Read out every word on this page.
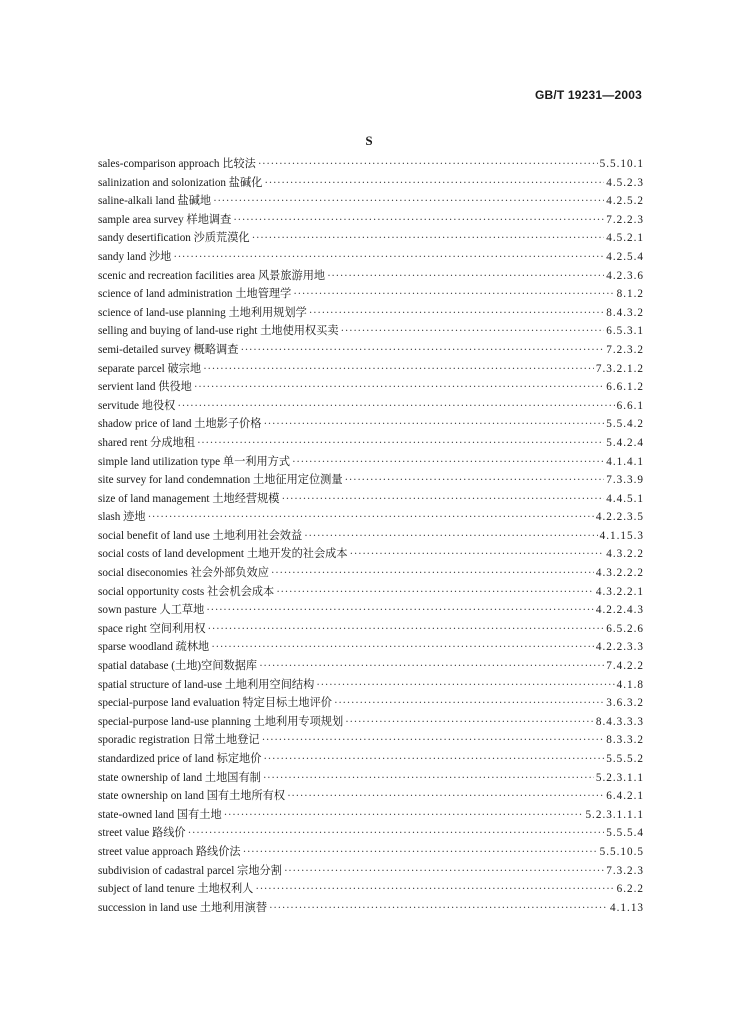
GB/T 19231—2003
S
sales-comparison approach 比较法 ·····	5.5.10.1
salinization and solonization 盐碱化 ·····	4.5.2.3
saline-alkali land 盐碱地 ·····	4.2.5.2
sample area survey 样地调查 ·····	7.2.2.3
sandy desertification 沙质荒漠化 ·····	4.5.2.1
sandy land 沙地 ·····	4.2.5.4
scenic and recreation facilities area 风景旅游用地 ·····	4.2.3.6
science of land administration 土地管理学 ·····	8.1.2
science of land-use planning 土地利用规划学 ·····	8.4.3.2
selling and buying of land-use right 土地使用权买卖 ·····	6.5.3.1
semi-detailed survey 概略调查 ·····	7.2.3.2
separate parcel 破宗地 ·····	7.3.2.1.2
servient land 供役地 ·····	6.6.1.2
servitude 地役权 ·····	6.6.1
shadow price of land 土地影子价格 ·····	5.5.4.2
shared rent 分成地租 ·····	5.4.2.4
simple land utilization type 单一利用方式 ·····	4.1.4.1
site survey for land condemnation 土地征用定位测量 ·····	7.3.3.9
size of land management 土地经营规模 ·····	4.4.5.1
slash 迹地 ·····	4.2.2.3.5
social benefit of land use 土地利用社会效益 ·····	4.1.15.3
social costs of land development 土地开发的社会成本 ·····	4.3.2.2
social diseconomies 社会外部负效应 ·····	4.3.2.2.2
social opportunity costs 社会机会成本 ·····	4.3.2.2.1
sown pasture 人工草地 ·····	4.2.2.4.3
space right 空间利用权 ·····	6.5.2.6
sparse woodland 疏林地 ·····	4.2.2.3.3
spatial database (土地)空间数据库 ·····	7.4.2.2
spatial structure of land-use 土地利用空间结构 ·····	4.1.8
special-purpose land evaluation 特定目标土地评价 ·····	3.6.3.2
special-purpose land-use planning 土地利用专项规划 ·····	8.4.3.3.3
sporadic registration 日常土地登记 ·····	8.3.3.2
standardized price of land 标定地价 ·····	5.5.5.2
state ownership of land 土地国有制 ·····	5.2.3.1.1
state ownership on land 国有土地所有权 ·····	6.4.2.1
state-owned land 国有土地 ·····	5.2.3.1.1.1
street value 路线价 ·····	5.5.5.4
street value approach 路线价法 ·····	5.5.10.5
subdivision of cadastral parcel 宗地分割 ·····	7.3.2.3
subject of land tenure 土地权利人 ·····	6.2.2
succession in land use 土地利用演替 ·····	4.1.13
